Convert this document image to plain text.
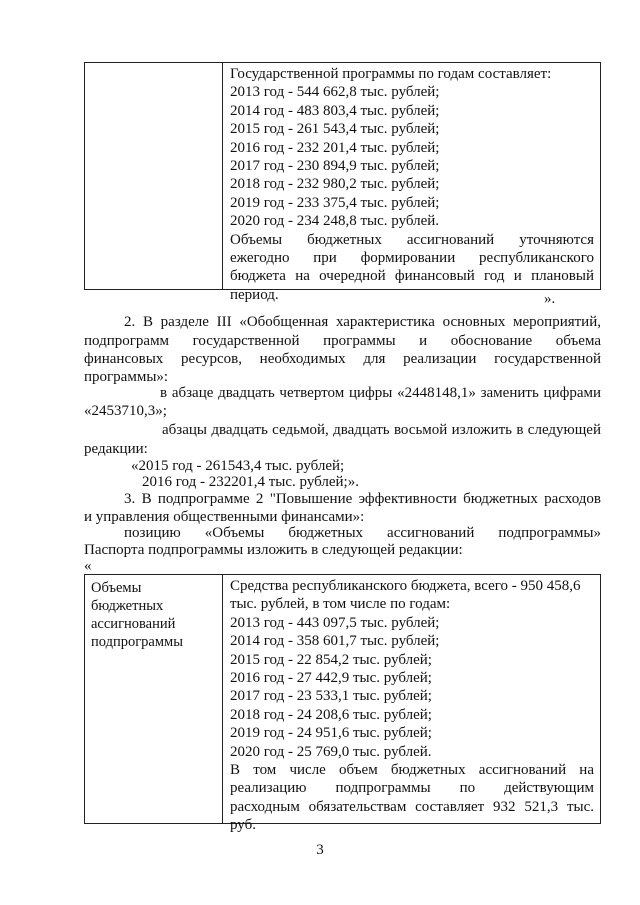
Государственной программы по годам составляет:
2013 год - 544 662,8 тыс. рублей;
2014 год - 483 803,4 тыс. рублей;
2015 год - 261 543,4 тыс. рублей;
2016 год - 232 201,4 тыс. рублей;
2017 год - 230 894,9 тыс. рублей;
2018 год - 232 980,2 тыс. рублей;
2019 год - 233 375,4 тыс. рублей;
2020 год - 234 248,8 тыс. рублей.
Объемы бюджетных ассигнований уточняются
ежегодно при формировании республиканского
бюджета на очередной финансовый год и плановый
период.	».
2. В разделе III «Обобщенная характеристика основных мероприятий,
подпрограмм государственной программы и обоснование объема
финансовых ресурсов, необходимых для реализации государственной
программы»:
в абзаце двадцать четвертом цифры «2448148,1» заменить цифрами
«2453710,3»;
абзацы двадцать седьмой, двадцать восьмой изложить в следующей
редакции:
«2015 год - 261543,4 тыс. рублей;
2016 год - 232201,4 тыс. рублей;».
3. В подпрограмме 2 "Повышение эффективности бюджетных расходов
и управления общественными финансами»:
позицию «Объемы бюджетных ассигнований подпрограммы»
Паспорта подпрограммы изложить в следующей редакции:
«
Объемы
бюджетных
ассигнований
подпрограммы
Средства республиканского бюджета, всего - 950 458,6
тыс. рублей, в том числе по годам:
2013 год - 443 097,5 тыс. рублей;
2014 год - 358 601,7 тыс. рублей;
2015 год - 22 854,2 тыс. рублей;
2016 год - 27 442,9 тыс. рублей;
2017 год - 23 533,1 тыс. рублей;
2018 год - 24 208,6 тыс. рублей;
2019 год - 24 951,6 тыс. рублей;
2020 год - 25 769,0 тыс. рублей.
В том числе объем бюджетных ассигнований на
реализацию подпрограммы по действующим
расходным обязательствам составляет 932 521,3 тыс.
руб.
3
